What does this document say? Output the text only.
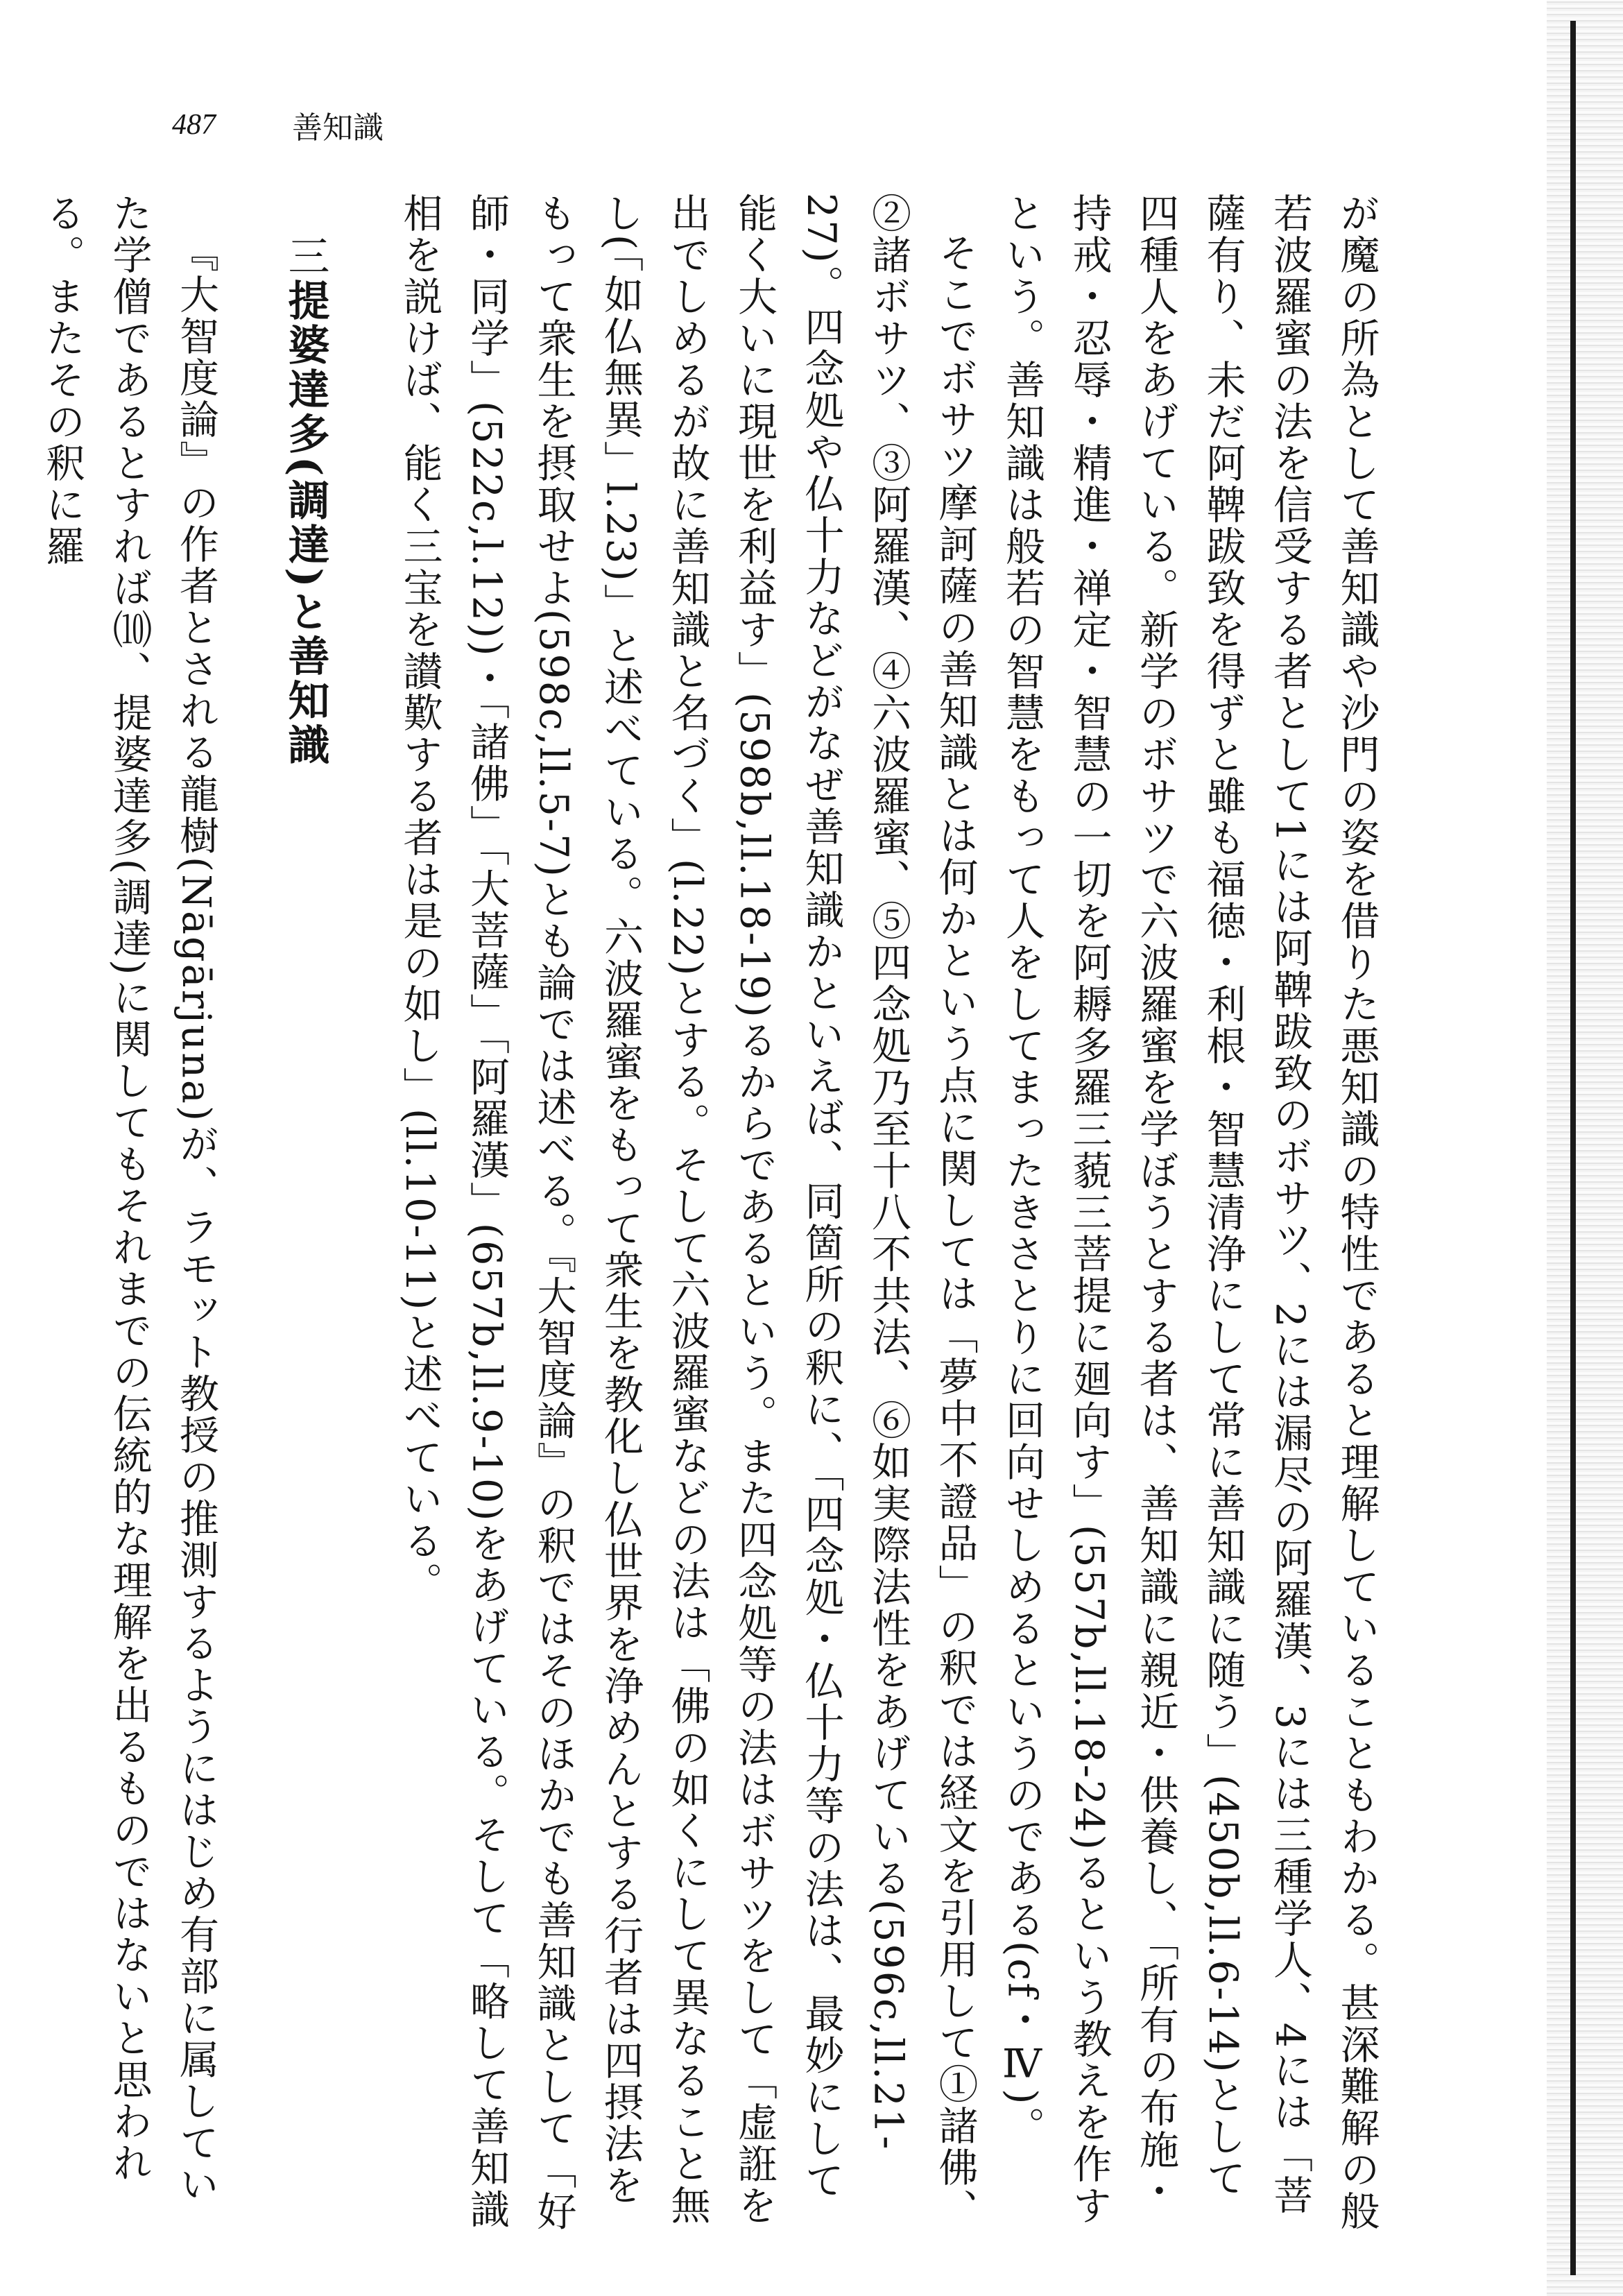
487	善知識

が魔の所為として善知識や沙門の姿を借りた悪知識の特性であると理解していることもわかる。甚深難解の般若波羅蜜の法を信受する者として1には阿鞞跋致のボサツ、2には漏尽の阿羅漢、3には三種学人、4には「菩薩有り、未だ阿鞞跋致を得ずと雖も福徳・利根・智慧清浄にして常に善知識に随う」(450b,ll.6-14)として四種人をあげている。新学のボサツで六波羅蜜を学ぼうとする者は、善知識に親近・供養し、「所有の布施・持戒・忍辱・精進・禅定・智慧の一切を阿耨多羅三藐三菩提に廻向す」(557b,ll.18-24)るという教えを作すという。善知識は般若の智慧をもって人をしてまったきさとりに回向せしめるというのである(cf・Ⅳ)。

そこでボサツ摩訶薩の善知識とは何かという点に関しては「夢中不證品」の釈では経文を引用して①諸佛、②諸ボサツ、③阿羅漢、④六波羅蜜、⑤四念処乃至十八不共法、⑥如実際法性をあげている(596c,ll.21-27)。四念処や仏十力などがなぜ善知識かといえば、同箇所の釈に、「四念処・仏十力等の法は、最妙にして能く大いに現世を利益す」(598b,ll.18-19)るからであるという。また四念処等の法はボサツをして「虚誑を出でしめるが故に善知識と名づく」(l.22)とする。そして六波羅蜜などの法は「佛の如くにして異なること無し(「如仏無異」l.23)」と述べている。六波羅蜜をもって衆生を教化し仏世界を浄めんとする行者は四摂法をもって衆生を摂取せよ(598c,ll.5-7)とも論では述べる。『大智度論』の釈ではそのほかでも善知識として「好師・同学」(522c,l.12))・「諸佛」「大菩薩」「阿羅漢」(657b,ll.9-10)をあげている。そして「略して善知識相を説けば、能く三宝を讃歎する者は是の如し」(ll.10-11)と述べている。

三提婆達多(調達)と善知識

『大智度論』の作者とされる龍樹(Nāgārjuna)が、ラモット教授の推測するようにはじめ有部に属していた学僧であるとすれば⑽、提婆達多(調達)に関してもそれまでの伝統的な理解を出るものではないと思われる。またその釈に羅
